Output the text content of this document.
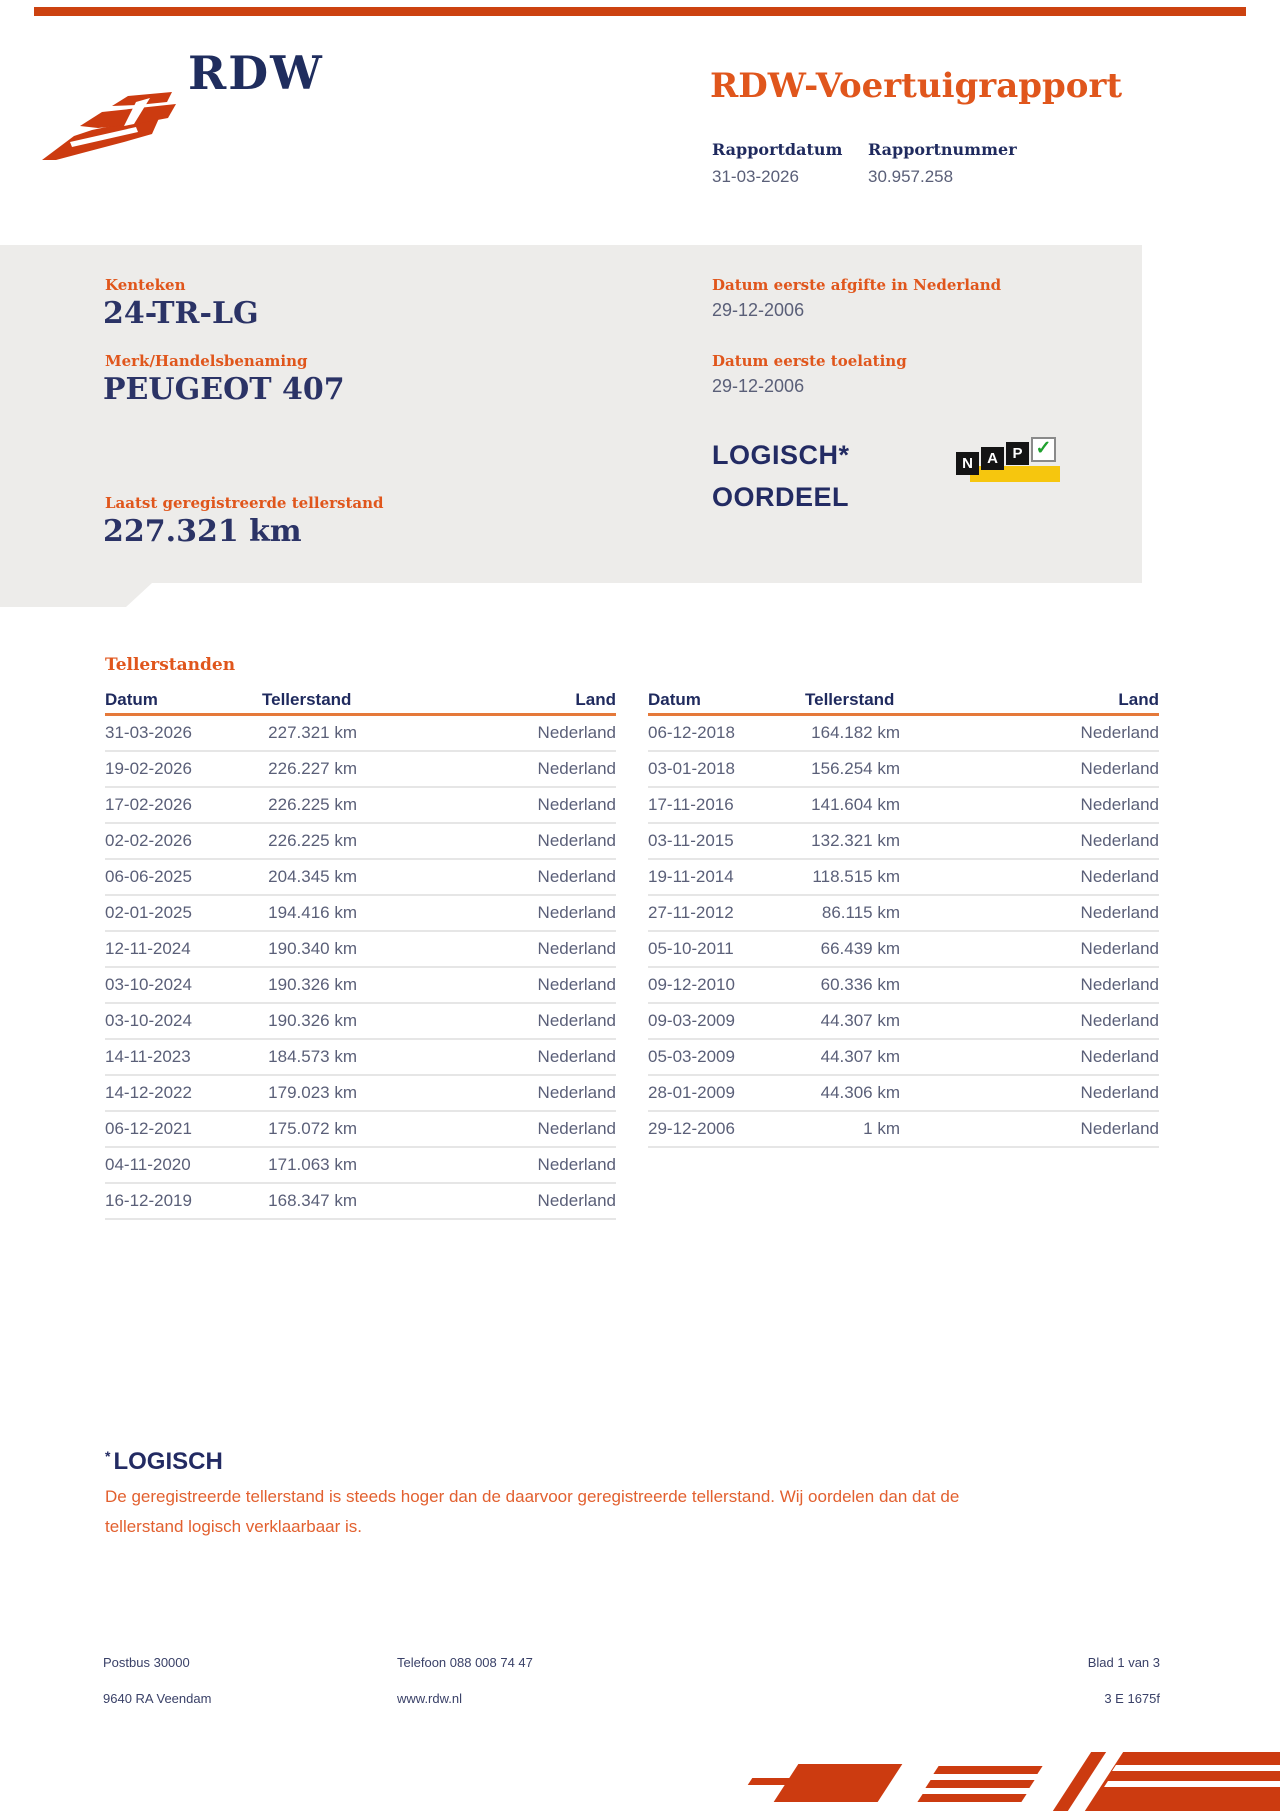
RDW	RDW-Voertuigrapport
Rapportdatum Rapportnummer
31-03-2026	30.957.258
Kenteken
24-TR-LG
Merk/Handelsbenaming
PEUGEOT 407
Laatst geregistreerde tellerstand
227.321 km
Datum eerste afgifte in Nederland
29-12-2006
Datum eerste toelating
29-12-2006
LOGISCH*
OORDEEL
N A P ✓
Tellerstanden
Datum	Tellerstand	Land
31-03-2026	227.321 km	Nederland
19-02-2026	226.227 km	Nederland
17-02-2026	226.225 km	Nederland
02-02-2026	226.225 km	Nederland
06-06-2025	204.345 km	Nederland
02-01-2025	194.416 km	Nederland
12-11-2024	190.340 km	Nederland
03-10-2024	190.326 km	Nederland
03-10-2024	190.326 km	Nederland
14-11-2023	184.573 km	Nederland
14-12-2022	179.023 km	Nederland
06-12-2021	175.072 km	Nederland
04-11-2020	171.063 km	Nederland
16-12-2019	168.347 km	Nederland
Datum	Tellerstand	Land
06-12-2018	164.182 km	Nederland
03-01-2018	156.254 km	Nederland
17-11-2016	141.604 km	Nederland
03-11-2015	132.321 km	Nederland
19-11-2014	118.515 km	Nederland
27-11-2012	86.115 km	Nederland
05-10-2011	66.439 km	Nederland
09-12-2010	60.336 km	Nederland
09-03-2009	44.307 km	Nederland
05-03-2009	44.307 km	Nederland
28-01-2009	44.306 km	Nederland
29-12-2006	1 km	Nederland
* LOGISCH
De geregistreerde tellerstand is steeds hoger dan de daarvoor geregistreerde tellerstand. Wij oordelen dan dat de
tellerstand logisch verklaarbaar is.
Postbus 30000
9640 RA Veendam
Telefoon 088 008 74 47
www.rdw.nl
Blad 1 van 3
3 E 1675f
